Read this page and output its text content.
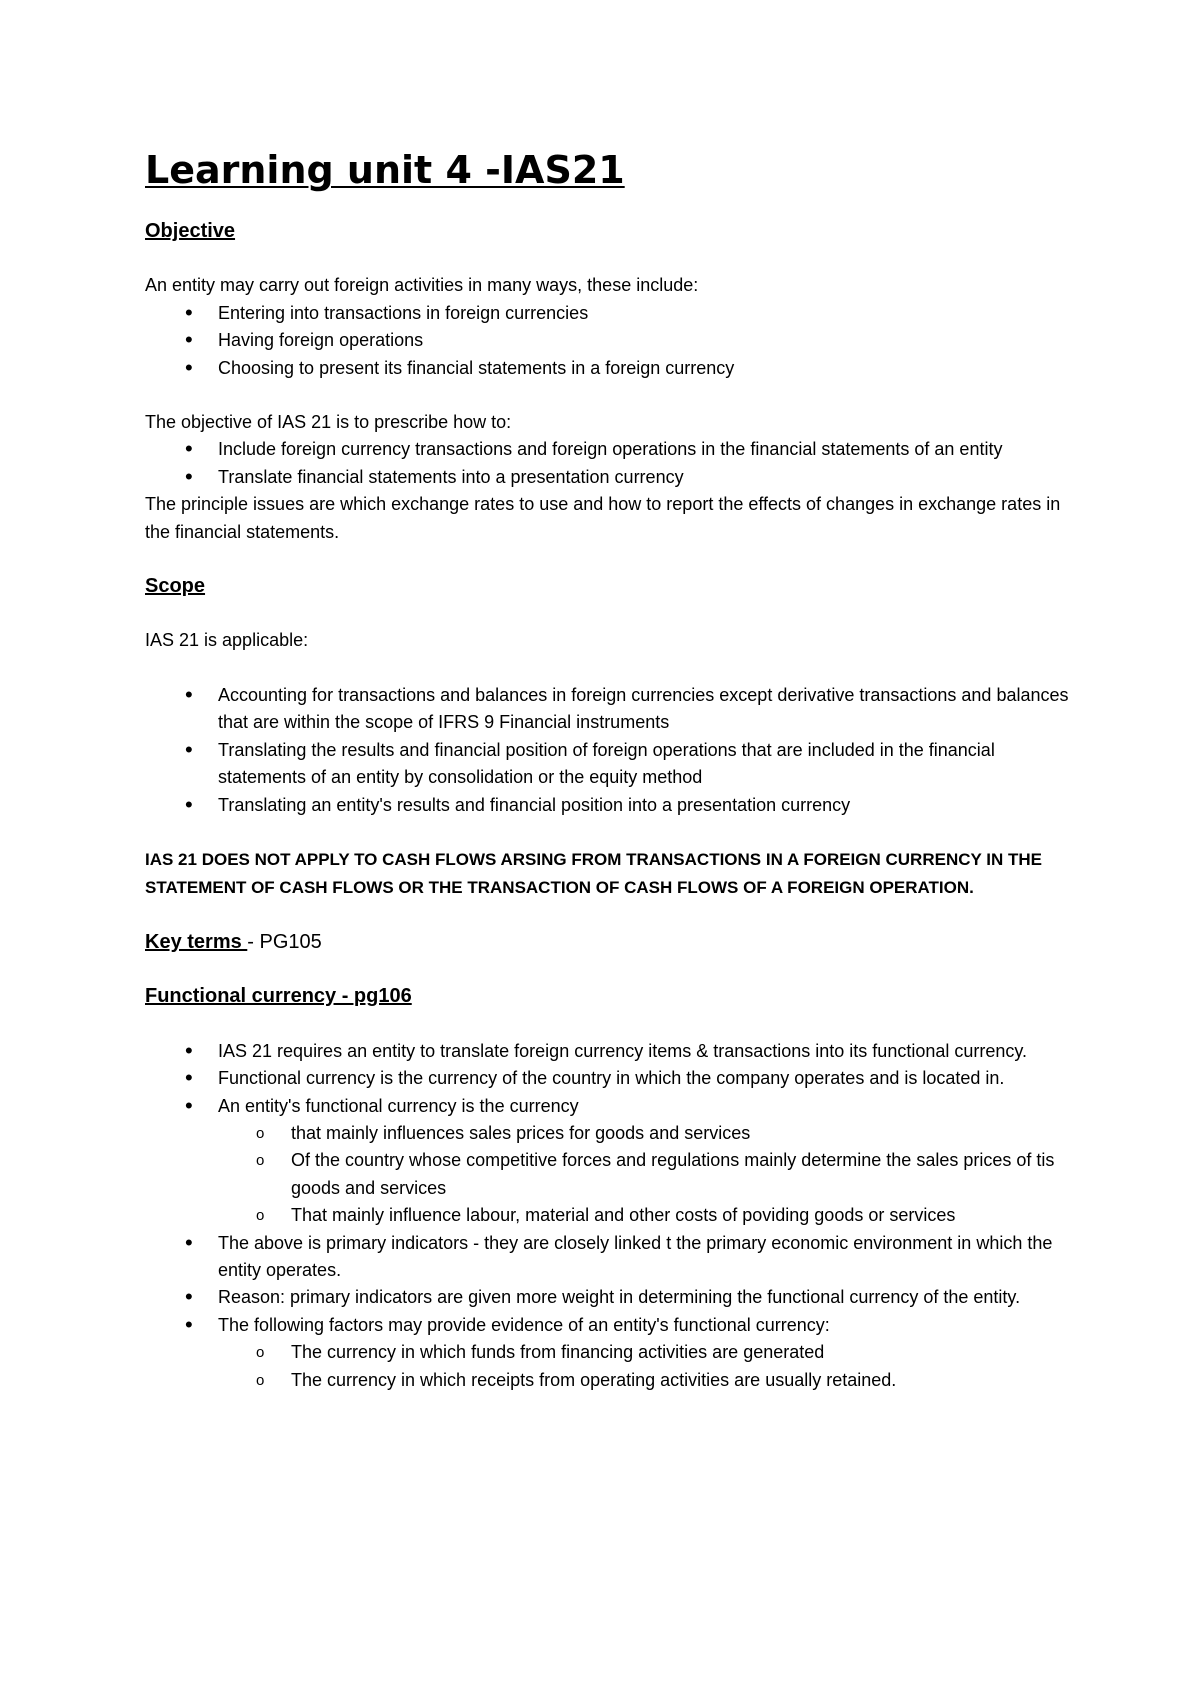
Learning unit 4 -IAS21

Objective

An entity may carry out foreign activities in many ways, these include:

• Entering into transactions in foreign currencies
• Having foreign operations
• Choosing to present its financial statements in a foreign currency

The objective of IAS 21 is to prescribe how to:

• Include foreign currency transactions and foreign operations in the financial statements of an entity
• Translate financial statements into a presentation currency

The principle issues are which exchange rates to use and how to report the effects of changes in exchange rates in the financial statements.

Scope

IAS 21 is applicable:

• Accounting for transactions and balances in foreign currencies except derivative transactions and balances that are within the scope of IFRS 9 Financial instruments
• Translating the results and financial position of foreign operations that are included in the financial statements of an entity by consolidation or the equity method
• Translating an entity's results and financial position into a presentation currency

IAS 21 DOES NOT APPLY TO CASH FLOWS ARSING FROM TRANSACTIONS IN A FOREIGN CURRENCY IN THE STATEMENT OF CASH FLOWS OR THE TRANSACTION OF CASH FLOWS OF A FOREIGN OPERATION.

Key terms - PG105

Functional currency - pg106

• IAS 21 requires an entity to translate foreign currency items & transactions into its functional currency.
• Functional currency is the currency of the country in which the company operates and is located in.
• An entity's functional currency is the currency
o that mainly influences sales prices for goods and services
o Of the country whose competitive forces and regulations mainly determine the sales prices of tis goods and services
o That mainly influence labour, material and other costs of poviding goods or services
• The above is primary indicators - they are closely linked t the primary economic environment in which the entity operates.
• Reason: primary indicators are given more weight in determining the functional currency of the entity.
• The following factors may provide evidence of an entity's functional currency:
o The currency in which funds from financing activities are generated
o The currency in which receipts from operating activities are usually retained.
